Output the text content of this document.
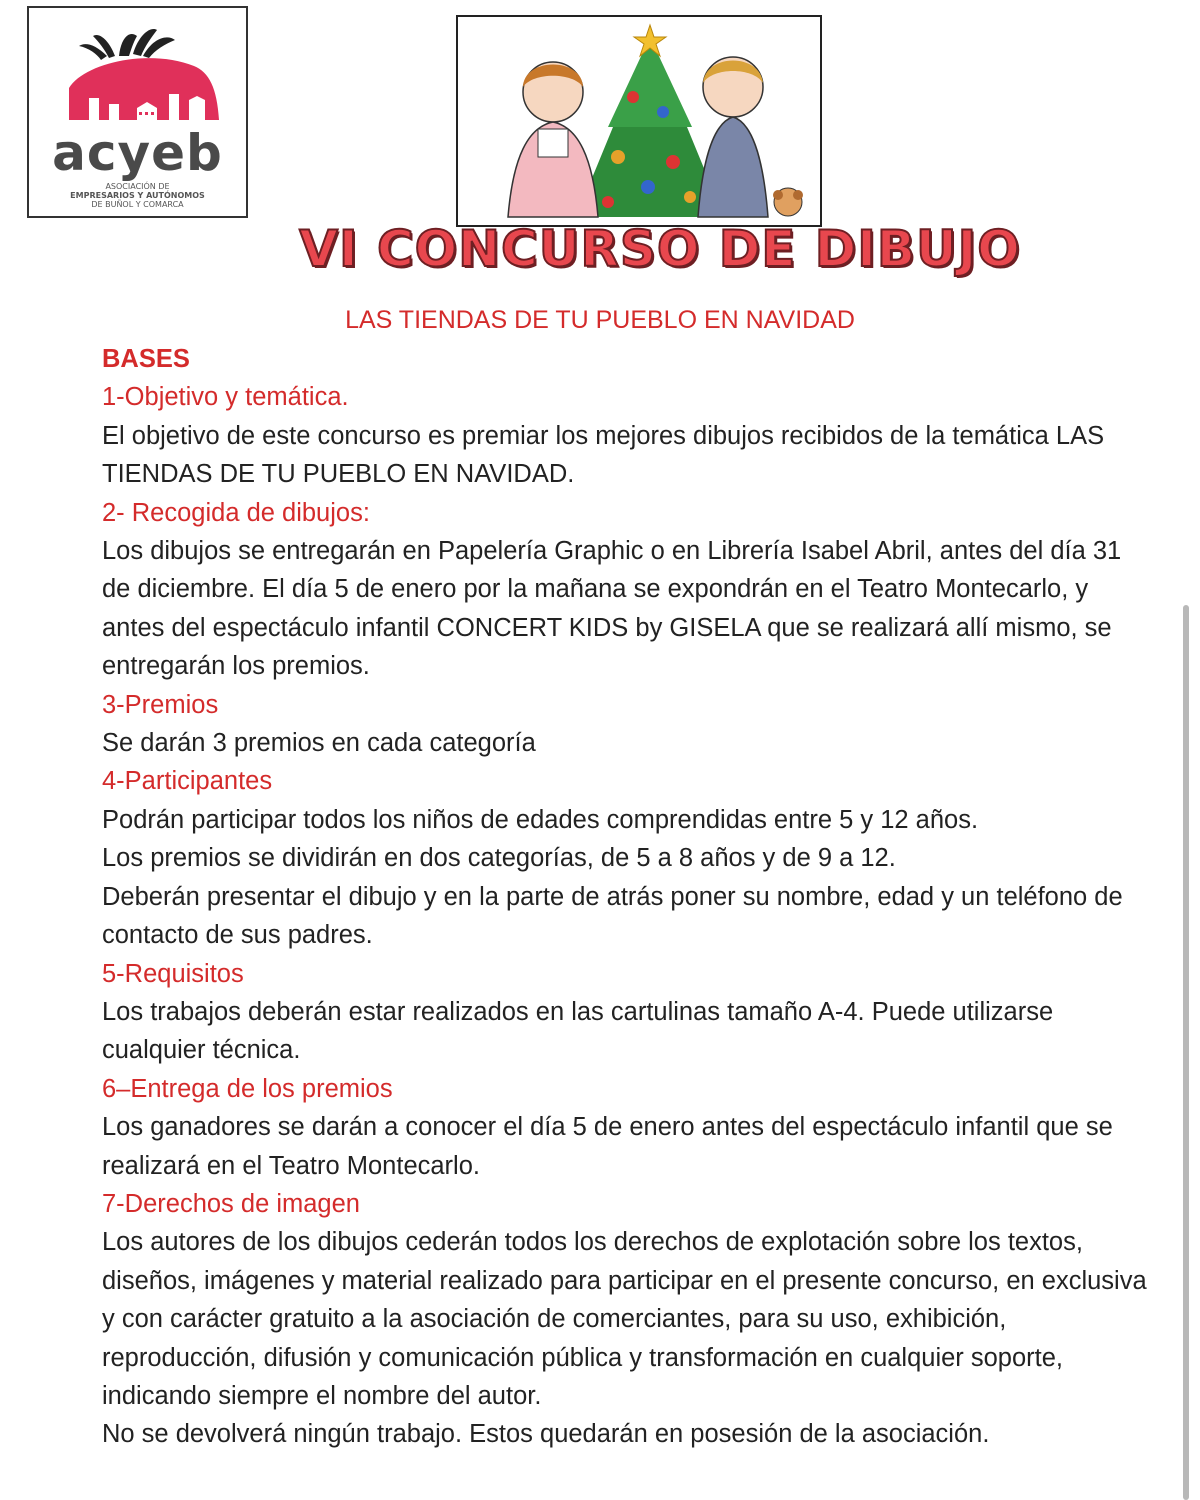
acyeb
ASOCIACIÓN DE
EMPRESARIOS Y AUTÓNOMOS
DE BUÑOL Y COMARCA
VI CONCURSO DE DIBUJO
LAS TIENDAS DE TU PUEBLO EN NAVIDAD

BASES

1-Objetivo y temática.

El objetivo de este concurso es premiar los mejores dibujos recibidos de la temática LAS TIENDAS DE TU PUEBLO EN NAVIDAD.

2- Recogida de dibujos:

Los dibujos se entregarán en Papelería Graphic o en Librería Isabel Abril, antes del día 31 de diciembre. El día 5 de enero por la mañana se expondrán en el Teatro Montecarlo, y antes del espectáculo infantil CONCERT KIDS by GISELA que se realizará allí mismo, se entregarán los premios.

3-Premios

Se darán 3 premios en cada categoría

4-Participantes

Podrán participar todos los niños de edades comprendidas entre 5 y 12 años.

Los premios se dividirán en dos categorías, de 5 a 8 años y de 9 a 12.

Deberán presentar el dibujo y en la parte de atrás poner su nombre, edad y un teléfono de contacto de sus padres.

5-Requisitos

Los trabajos deberán estar realizados en las cartulinas tamaño A-4. Puede utilizarse cualquier técnica.

6–Entrega de los premios

Los ganadores se darán a conocer el día 5 de enero antes del espectáculo infantil que se realizará en el Teatro Montecarlo.

7-Derechos de imagen

Los autores de los dibujos cederán todos los derechos de explotación sobre los textos, diseños, imágenes y material realizado para participar en el presente concurso, en exclusiva y con carácter gratuito a la asociación de comerciantes, para su uso, exhibición, reproducción, difusión y comunicación pública y transformación en cualquier soporte, indicando siempre el nombre del autor.

No se devolverá ningún trabajo. Estos quedarán en posesión de la asociación.
